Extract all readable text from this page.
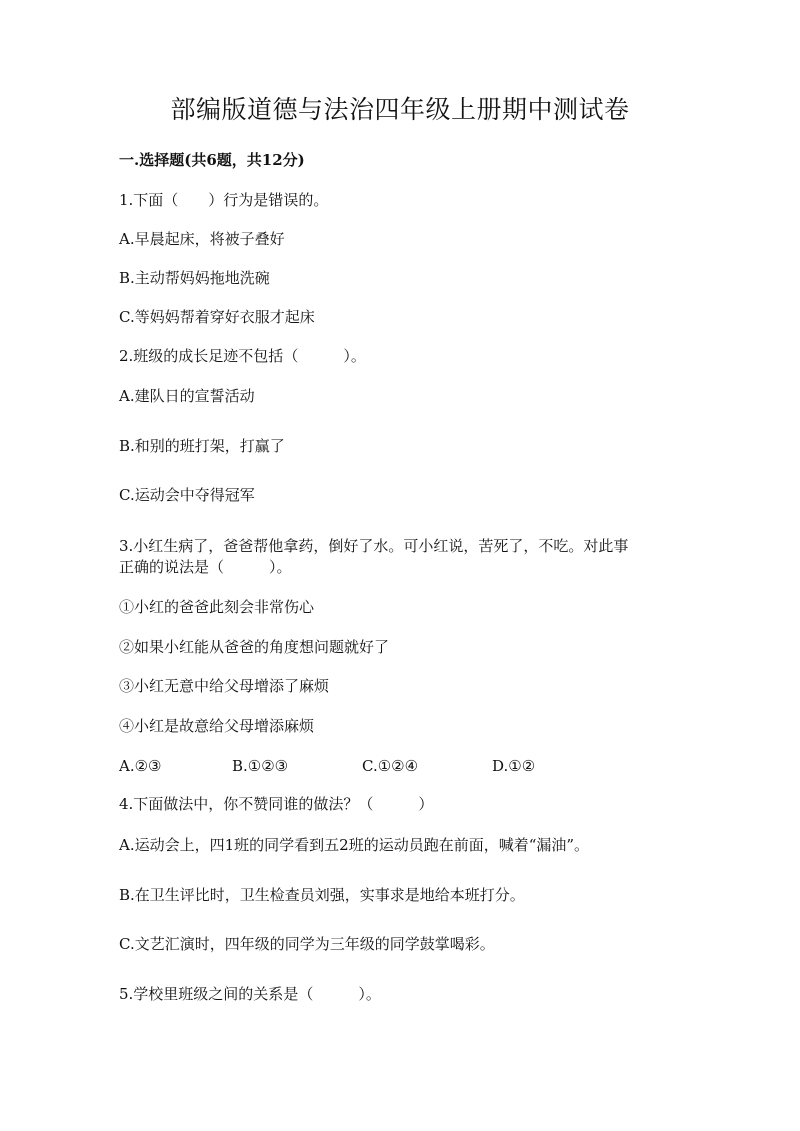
部编版道德与法治四年级上册期中测试卷
一.选择题(共6题，共12分)
1.下面（　　）行为是错误的。
A.早晨起床，将被子叠好
B.主动帮妈妈拖地洗碗
C.等妈妈帮着穿好衣服才起床
2.班级的成长足迹不包括（　　　）。
A.建队日的宣誓活动
B.和别的班打架，打赢了
C.运动会中夺得冠军
3.小红生病了，爸爸帮他拿药，倒好了水。可小红说，苦死了，不吃。对此事
正确的说法是（　　　）。
①小红的爸爸此刻会非常伤心
②如果小红能从爸爸的角度想问题就好了
③小红无意中给父母增添了麻烦
④小红是故意给父母增添麻烦
A.②③	B.①②③	C.①②④	D.①②
4.下面做法中，你不赞同谁的做法？（　　　）
A.运动会上，四1班的同学看到五2班的运动员跑在前面，喊着“漏油”。
B.在卫生评比时，卫生检查员刘强，实事求是地给本班打分。
C.文艺汇演时，四年级的同学为三年级的同学鼓掌喝彩。
5.学校里班级之间的关系是（　　　）。
